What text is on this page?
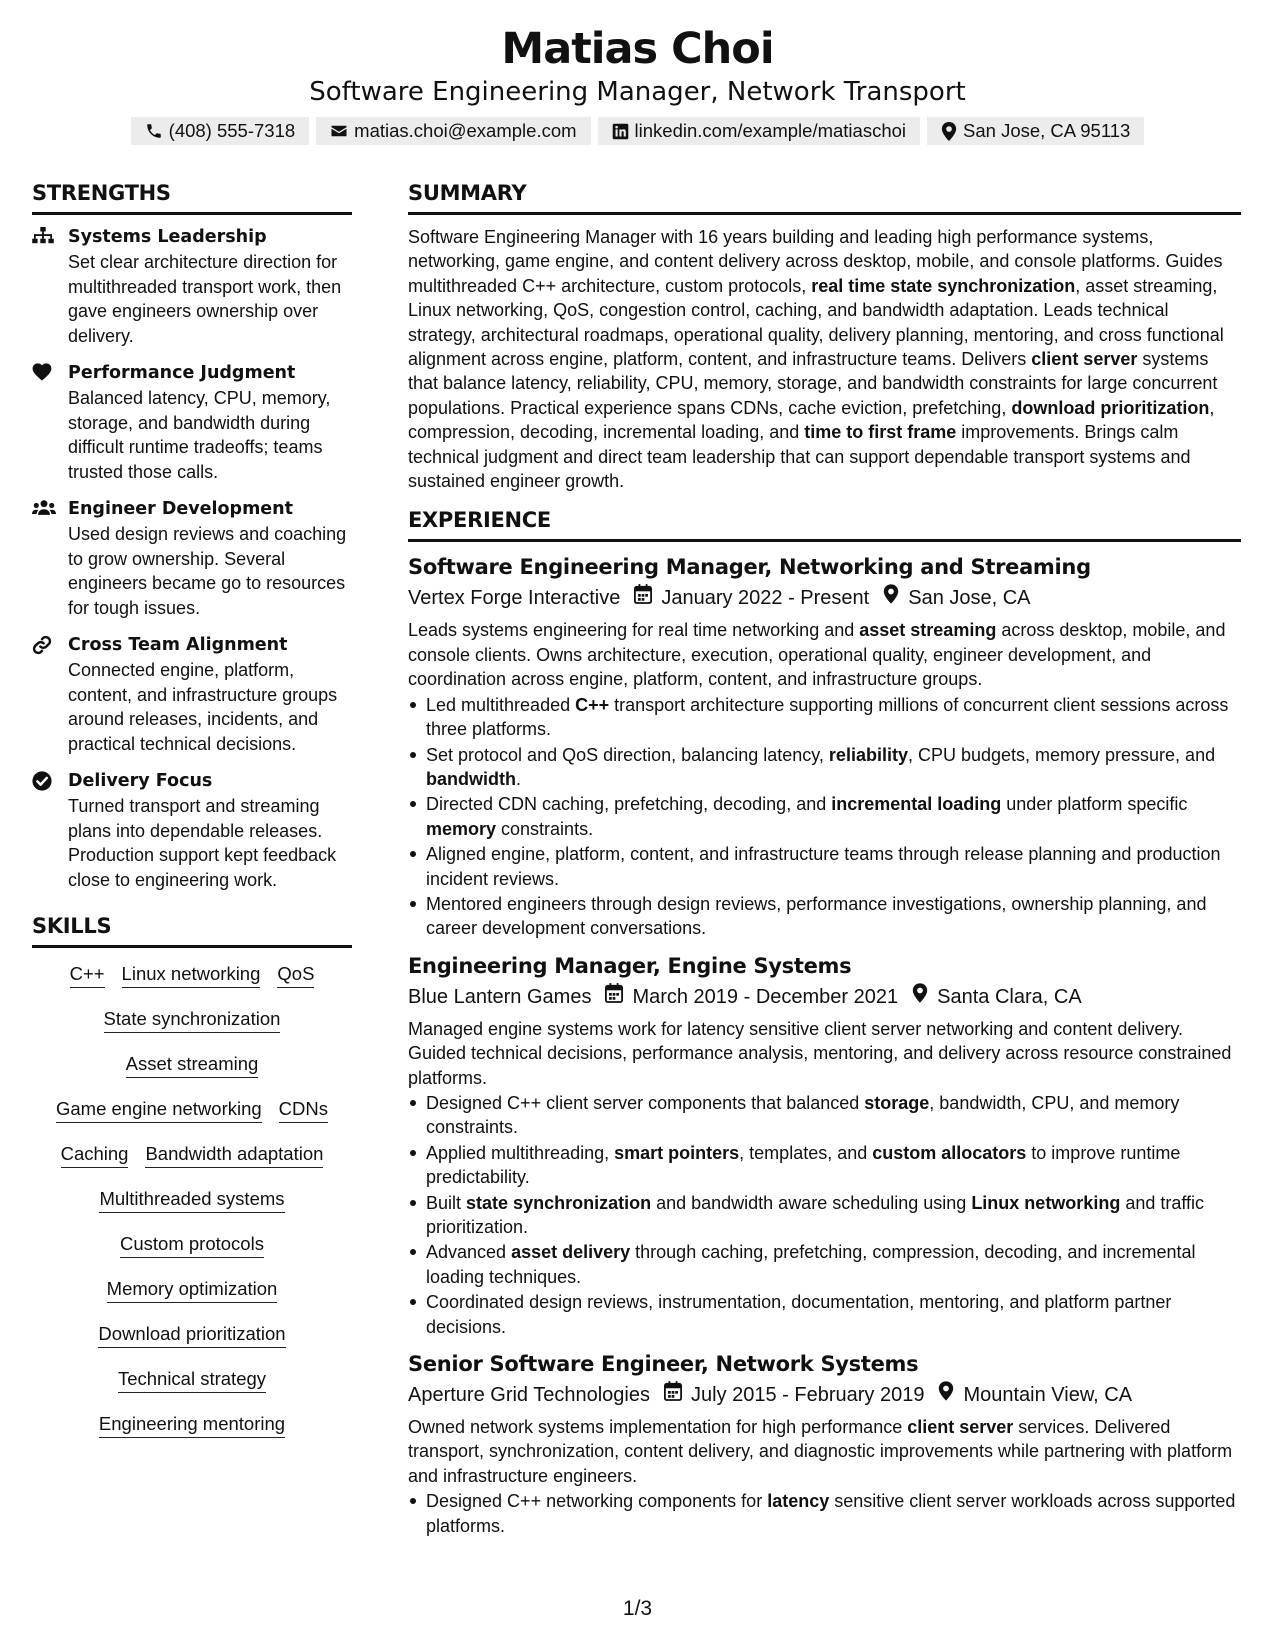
Matias Choi
Software Engineering Manager, Network Transport
(408) 555-7318	matias.choi@example.com	linkedin.com/example/matiaschoi	San Jose, CA 95113
STRENGTHS
Systems Leadership
Set clear architecture direction for multithreaded transport work, then gave engineers ownership over delivery.
Performance Judgment
Balanced latency, CPU, memory, storage, and bandwidth during difficult runtime tradeoffs; teams trusted those calls.
Engineer Development
Used design reviews and coaching to grow ownership. Several engineers became go to resources for tough issues.
Cross Team Alignment
Connected engine, platform, content, and infrastructure groups around releases, incidents, and practical technical decisions.
Delivery Focus
Turned transport and streaming plans into dependable releases. Production support kept feedback close to engineering work.
SKILLS
C++ Linux networking QoS
State synchronization
Asset streaming
Game engine networking CDNs
Caching Bandwidth adaptation
Multithreaded systems
Custom protocols
Memory optimization
Download prioritization
Technical strategy
Engineering mentoring
SUMMARY
Software Engineering Manager with 16 years building and leading high performance systems, networking, game engine, and content delivery across desktop, mobile, and console platforms. Guides multithreaded C++ architecture, custom protocols, real time state synchronization, asset streaming, Linux networking, QoS, congestion control, caching, and bandwidth adaptation. Leads technical strategy, architectural roadmaps, operational quality, delivery planning, mentoring, and cross functional alignment across engine, platform, content, and infrastructure teams. Delivers client server systems that balance latency, reliability, CPU, memory, storage, and bandwidth constraints for large concurrent populations. Practical experience spans CDNs, cache eviction, prefetching, download prioritization, compression, decoding, incremental loading, and time to first frame improvements. Brings calm technical judgment and direct team leadership that can support dependable transport systems and sustained engineer growth.
EXPERIENCE
Software Engineering Manager, Networking and Streaming
Vertex Forge Interactive January 2022 - Present San Jose, CA
Leads systems engineering for real time networking and asset streaming across desktop, mobile, and console clients. Owns architecture, execution, operational quality, engineer development, and coordination across engine, platform, content, and infrastructure groups.
Led multithreaded C++ transport architecture supporting millions of concurrent client sessions across three platforms.
Set protocol and QoS direction, balancing latency, reliability, CPU budgets, memory pressure, and bandwidth.
Directed CDN caching, prefetching, decoding, and incremental loading under platform specific memory constraints.
Aligned engine, platform, content, and infrastructure teams through release planning and production incident reviews.
Mentored engineers through design reviews, performance investigations, ownership planning, and career development conversations.
Engineering Manager, Engine Systems
Blue Lantern Games March 2019 - December 2021 Santa Clara, CA
Managed engine systems work for latency sensitive client server networking and content delivery. Guided technical decisions, performance analysis, mentoring, and delivery across resource constrained platforms.
Designed C++ client server components that balanced storage, bandwidth, CPU, and memory constraints.
Applied multithreading, smart pointers, templates, and custom allocators to improve runtime predictability.
Built state synchronization and bandwidth aware scheduling using Linux networking and traffic prioritization.
Advanced asset delivery through caching, prefetching, compression, decoding, and incremental loading techniques.
Coordinated design reviews, instrumentation, documentation, mentoring, and platform partner decisions.
Senior Software Engineer, Network Systems
Aperture Grid Technologies July 2015 - February 2019 Mountain View, CA
Owned network systems implementation for high performance client server services. Delivered transport, synchronization, content delivery, and diagnostic improvements while partnering with platform and infrastructure engineers.
Designed C++ networking components for latency sensitive client server workloads across supported platforms.
1/3
